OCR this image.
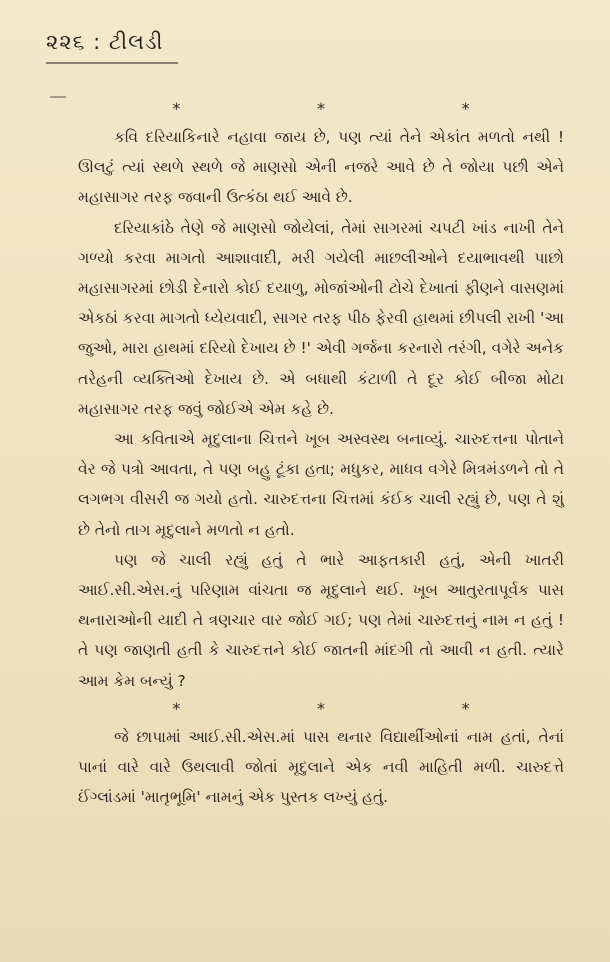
૨૨૬ : ટીલડી
*	*	*

કવિ દરિયાકિનારે નહાવા જાય છે, પણ ત્યાં તેને એકાંત મળતો નથી ! ઊલટું ત્યાં સ્થળે સ્થળે જે માણસો એની નજરે આવે છે તે જોયા પછી એને મહાસાગર તરફ જવાની ઉત્કંઠા થઈ આવે છે.

દરિયાકાંઠે તેણે જે માણસો જોયેલાં, તેમાં સાગરમાં ચપટી ખાંડ નાખી તેને ગળ્યો કરવા માગતો આશાવાદી, મરી ગયેલી માછલીઓને દયાભાવથી પાછો મહાસાગરમાં છોડી દેનારો કોઈ દયાળુ, મોજાંઓની ટોચે દેખાતાં ફીણને વાસણમાં એકઠાં કરવા માગતો ધ્યેયવાદી, સાગર તરફ પીઠ ફેરવી હાથમાં છીપલી રાખી 'આ જુઓ, મારા હાથમાં દરિયો દેખાય છે !' એવી ગર્જના કરનારો તરંગી, વગેરે અનેક તરેહની વ્યક્તિઓ દેખાય છે. એ બધાથી કંટાળી તે દૂર કોઈ બીજા મોટા મહાસાગર તરફ જવું જોઈએ એમ કહે છે.

આ કવિતાએ મૃદુલાના ચિત્તને ખૂબ અસ્વસ્થ બનાવ્યું. ચારુદત્તના પોતાને વેર જે પત્રો આવતા, તે પણ બહુ ટૂંકા હતા; મધુકર, માધવ વગેરે મિત્રમંડળને તો તે લગભગ વીસરી જ ગયો હતો. ચારુદત્તના ચિત્તમાં કંઈક ચાલી રહ્યું છે, પણ તે શું છે તેનો તાગ મૃદુલાને મળતો ન હતો.

પણ જે ચાલી રહ્યું હતું તે ભારે આફતકારી હતું, એની ખાતરી આઈ.સી.એસ.નું પરિણામ વાંચતા જ મૃદુલાને થઈ. ખૂબ આતુરતાપૂર્વક પાસ થનારાઓની યાદી તે ત્રણચાર વાર જોઈ ગઈ; પણ તેમાં ચારુદત્તનું નામ ન હતું ! તે પણ જાણતી હતી કે ચારુદત્તને કોઈ જાતની માંદગી તો આવી ન હતી. ત્યારે આમ કેમ બન્યું ?

*	*	*

જે છાપામાં આઈ.સી.એસ.માં પાસ થનાર વિદ્યાર્થીઓનાં નામ હતાં, તેનાં પાનાં વારે વારે ઉથલાવી જોતાં મૃદુલાને એક નવી માહિતી મળી. ચારુદત્તે ઈંગ્લાંડમાં 'માતૃભૂમિ' નામનું એક પુસ્તક લખ્યું હતું.
